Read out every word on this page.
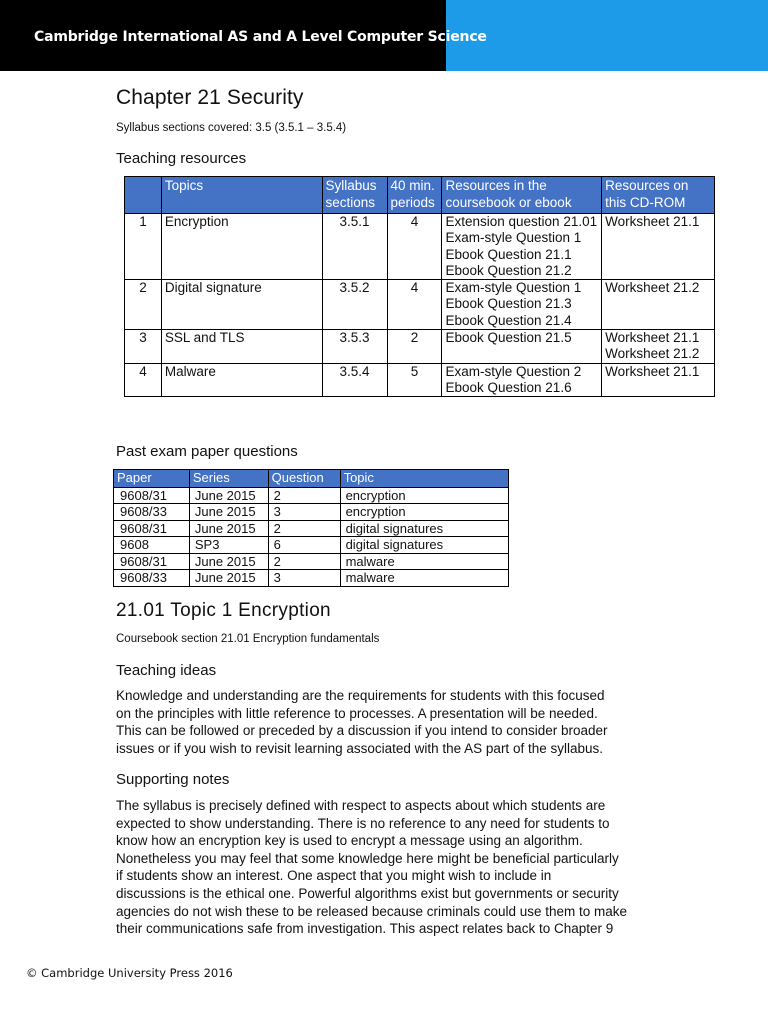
Cambridge International AS and A Level Computer Science
Chapter 21 Security
Syllabus sections covered: 3.5 (3.5.1 – 3.5.4)
Teaching resources
	Topics	Syllabus sections	40 min. periods	Resources in the coursebook or ebook	Resources on this CD-ROM
1	Encryption	3.5.1	4	Extension question 21.01
Exam-style Question 1
Ebook Question 21.1
Ebook Question 21.2	Worksheet 21.1

2	Digital signature	3.5.2	4	Exam-style Question 1
Ebook Question 21.3
Ebook Question 21.4	Worksheet 21.2

3	SSL and TLS	3.5.3	2	Ebook Question 21.5	Worksheet 21.1
Worksheet 21.2

4	Malware	3.5.4	5	Exam-style Question 2
Ebook Question 21.6	Worksheet 21.1
Past exam paper questions
Paper	Series	Question	Topic
9608/31	June 2015	2	encryption
9608/33	June 2015	3	encryption
9608/31	June 2015	2	digital signatures
9608	SP3	6	digital signatures
9608/31	June 2015	2	malware
9608/33	June 2015	3	malware
21.01 Topic 1 Encryption
Coursebook section 21.01 Encryption fundamentals
Teaching ideas
Knowledge and understanding are the requirements for students with this focused
on the principles with little reference to processes. A presentation will be needed.
This can be followed or preceded by a discussion if you intend to consider broader
issues or if you wish to revisit learning associated with the AS part of the syllabus.
Supporting notes
The syllabus is precisely defined with respect to aspects about which students are
expected to show understanding. There is no reference to any need for students to
know how an encryption key is used to encrypt a message using an algorithm.
Nonetheless you may feel that some knowledge here might be beneficial particularly
if students show an interest. One aspect that you might wish to include in
discussions is the ethical one. Powerful algorithms exist but governments or security
agencies do not wish these to be released because criminals could use them to make
their communications safe from investigation. This aspect relates back to Chapter 9
© Cambridge University Press 2016
